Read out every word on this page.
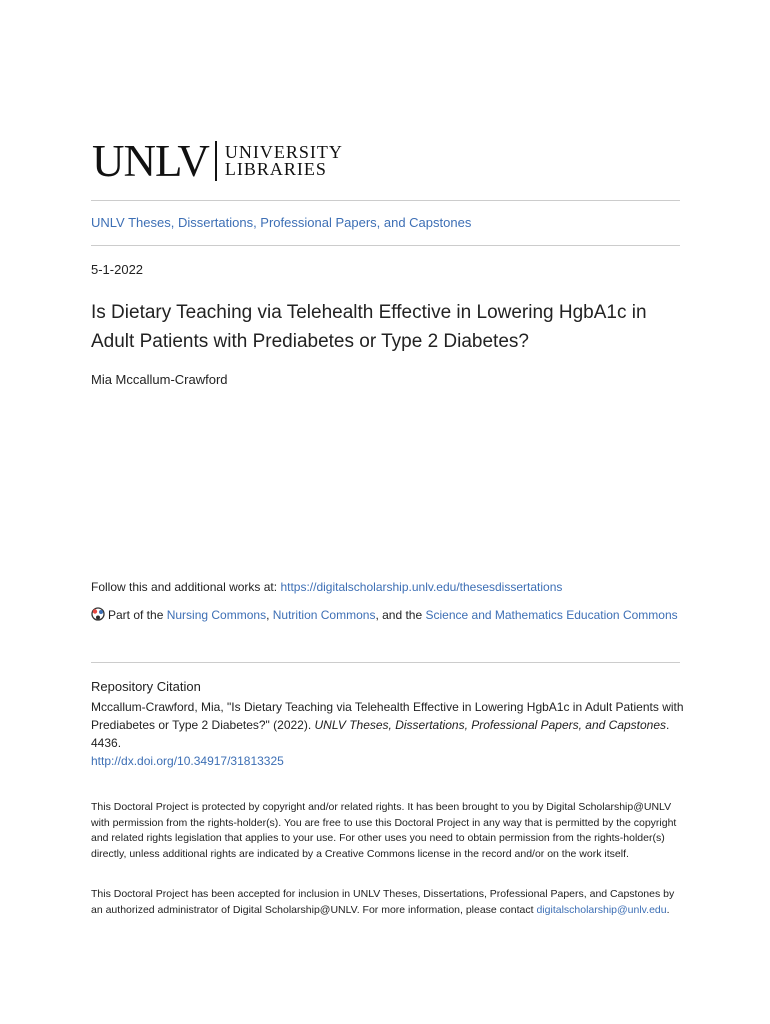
UNLV UNIVERSITY
LIBRARIES
UNLV Theses, Dissertations, Professional Papers, and Capstones
5-1-2022
Is Dietary Teaching via Telehealth Effective in Lowering HgbA1c in Adult Patients with Prediabetes or Type 2 Diabetes?
Mia Mccallum-Crawford
Follow this and additional works at: https://digitalscholarship.unlv.edu/thesesdissertations
Part of the Nursing Commons, Nutrition Commons, and the Science and Mathematics Education Commons
Repository Citation
Mccallum-Crawford, Mia, "Is Dietary Teaching via Telehealth Effective in Lowering HgbA1c in Adult Patients with Prediabetes or Type 2 Diabetes?" (2022). UNLV Theses, Dissertations, Professional Papers, and Capstones. 4436.
http://dx.doi.org/10.34917/31813325
This Doctoral Project is protected by copyright and/or related rights. It has been brought to you by Digital Scholarship@UNLV with permission from the rights-holder(s). You are free to use this Doctoral Project in any way that is permitted by the copyright and related rights legislation that applies to your use. For other uses you need to obtain permission from the rights-holder(s) directly, unless additional rights are indicated by a Creative Commons license in the record and/or on the work itself.
This Doctoral Project has been accepted for inclusion in UNLV Theses, Dissertations, Professional Papers, and Capstones by an authorized administrator of Digital Scholarship@UNLV. For more information, please contact digitalscholarship@unlv.edu.
